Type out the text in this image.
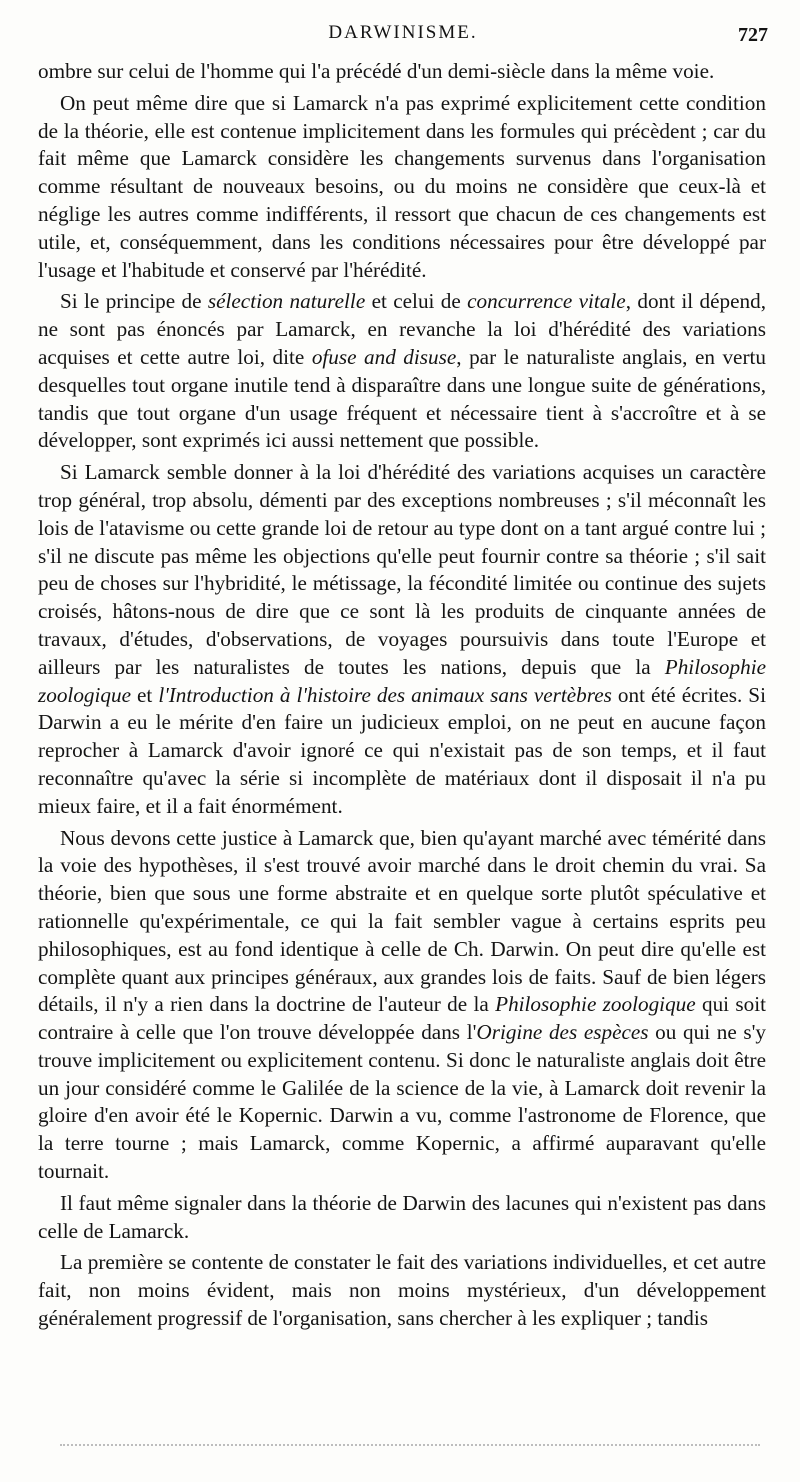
DARWINISME.	727

ombre sur celui de l'homme qui l'a précédé d'un demi-siècle dans la même voie.

On peut même dire que si Lamarck n'a pas exprimé explicitement cette condition de la théorie, elle est contenue implicitement dans les formules qui précèdent ; car du fait même que Lamarck considère les changements survenus dans l'organisation comme résultant de nouveaux besoins, ou du moins ne considère que ceux-là et néglige les autres comme indifférents, il ressort que chacun de ces changements est utile, et, conséquemment, dans les conditions nécessaires pour être développé par l'usage et l'habitude et conservé par l'hérédité.

Si le principe de sélection naturelle et celui de concurrence vitale, dont il dépend, ne sont pas énoncés par Lamarck, en revanche la loi d'hérédité des variations acquises et cette autre loi, dite ofuse and disuse, par le naturaliste anglais, en vertu desquelles tout organe inutile tend à disparaître dans une longue suite de générations, tandis que tout organe d'un usage fréquent et nécessaire tient à s'accroître et à se développer, sont exprimés ici aussi nettement que possible.

Si Lamarck semble donner à la loi d'hérédité des variations acquises un caractère trop général, trop absolu, démenti par des exceptions nombreuses ; s'il méconnaît les lois de l'atavisme ou cette grande loi de retour au type dont on a tant argué contre lui ; s'il ne discute pas même les objections qu'elle peut fournir contre sa théorie ; s'il sait peu de choses sur l'hybridité, le métissage, la fécondité limitée ou continue des sujets croisés, hâtons-nous de dire que ce sont là les produits de cinquante années de travaux, d'études, d'observations, de voyages poursuivis dans toute l'Europe et ailleurs par les naturalistes de toutes les nations, depuis que la Philosophie zoologique et l'Introduction à l'histoire des animaux sans vertèbres ont été écrites. Si Darwin a eu le mérite d'en faire un judicieux emploi, on ne peut en aucune façon reprocher à Lamarck d'avoir ignoré ce qui n'existait pas de son temps, et il faut reconnaître qu'avec la série si incomplète de matériaux dont il disposait il n'a pu mieux faire, et il a fait énormément.

Nous devons cette justice à Lamarck que, bien qu'ayant marché avec témérité dans la voie des hypothèses, il s'est trouvé avoir marché dans le droit chemin du vrai. Sa théorie, bien que sous une forme abstraite et en quelque sorte plutôt spéculative et rationnelle qu'expérimentale, ce qui la fait sembler vague à certains esprits peu philosophiques, est au fond identique à celle de Ch. Darwin. On peut dire qu'elle est complète quant aux principes généraux, aux grandes lois de faits. Sauf de bien légers détails, il n'y a rien dans la doctrine de l'auteur de la Philosophie zoologique qui soit contraire à celle que l'on trouve développée dans l'Origine des espèces ou qui ne s'y trouve implicitement ou explicitement contenu. Si donc le naturaliste anglais doit être un jour considéré comme le Galilée de la science de la vie, à Lamarck doit revenir la gloire d'en avoir été le Kopernic. Darwin a vu, comme l'astronome de Florence, que la terre tourne ; mais Lamarck, comme Kopernic, a affirmé auparavant qu'elle tournait.

Il faut même signaler dans la théorie de Darwin des lacunes qui n'existent pas dans celle de Lamarck.

La première se contente de constater le fait des variations individuelles, et cet autre fait, non moins évident, mais non moins mystérieux, d'un développement généralement progressif de l'organisation, sans chercher à les expliquer ; tandis
